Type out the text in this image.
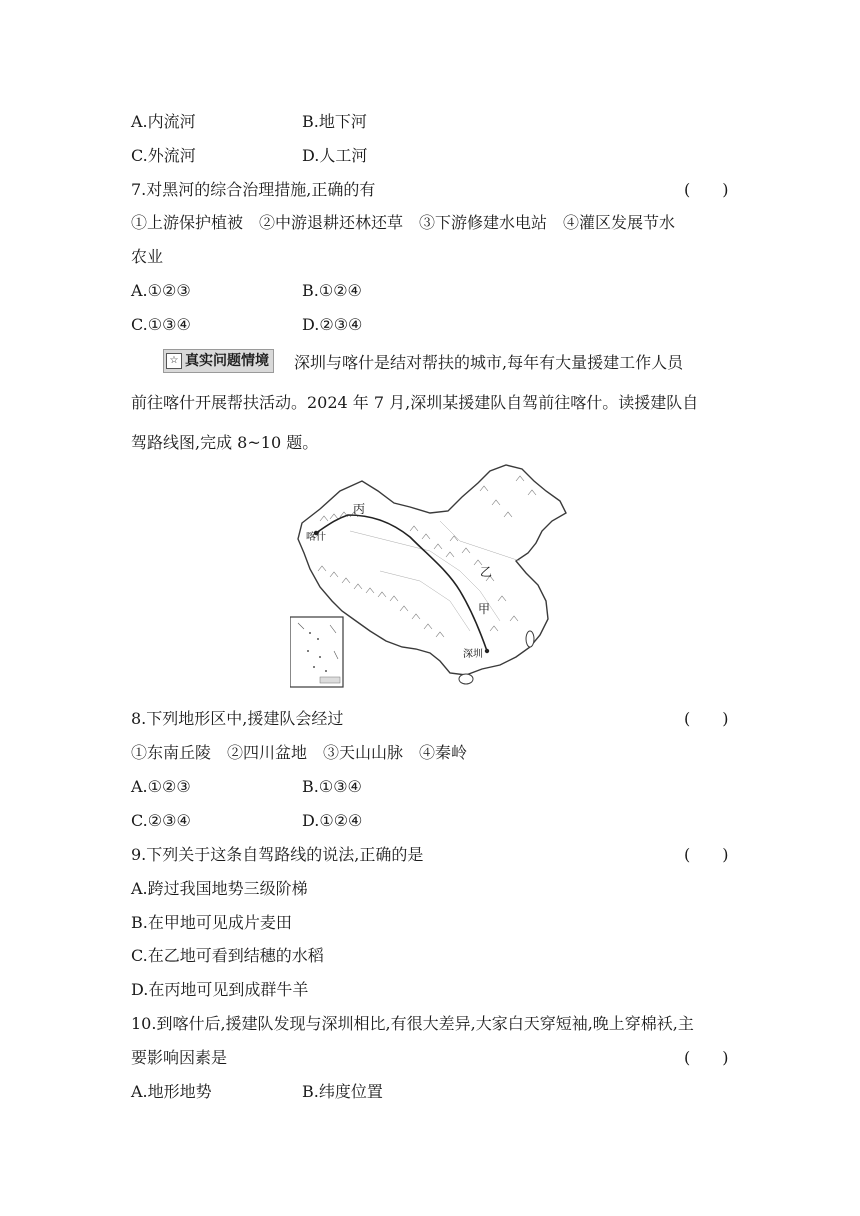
A.内流河	B.地下河
C.外流河	D.人工河
7.对黑河的综合治理措施,正确的有	(　　)
①上游保护植被　②中游退耕还林还草　③下游修建水电站　④灌区发展节水
农业
A.①②③	B.①②④
C.①③④	D.②③④
☆ 真实问题情境 深圳与喀什是结对帮扶的城市,每年有大量援建工作人员
前往喀什开展帮扶活动。2024 年 7 月,深圳某援建队自驾前往喀什。读援建队自
驾路线图,完成 8~10 题。
丙
喀什
乙
甲
深圳
8.下列地形区中,援建队会经过	(　　)
①东南丘陵　②四川盆地　③天山山脉　④秦岭
A.①②③	B.①③④
C.②③④	D.①②④
9.下列关于这条自驾路线的说法,正确的是	(　　)
A.跨过我国地势三级阶梯
B.在甲地可见成片麦田
C.在乙地可看到结穗的水稻
D.在丙地可见到成群牛羊
10.到喀什后,援建队发现与深圳相比,有很大差异,大家白天穿短袖,晚上穿棉袄,主
要影响因素是	(　　)
A.地形地势	B.纬度位置
